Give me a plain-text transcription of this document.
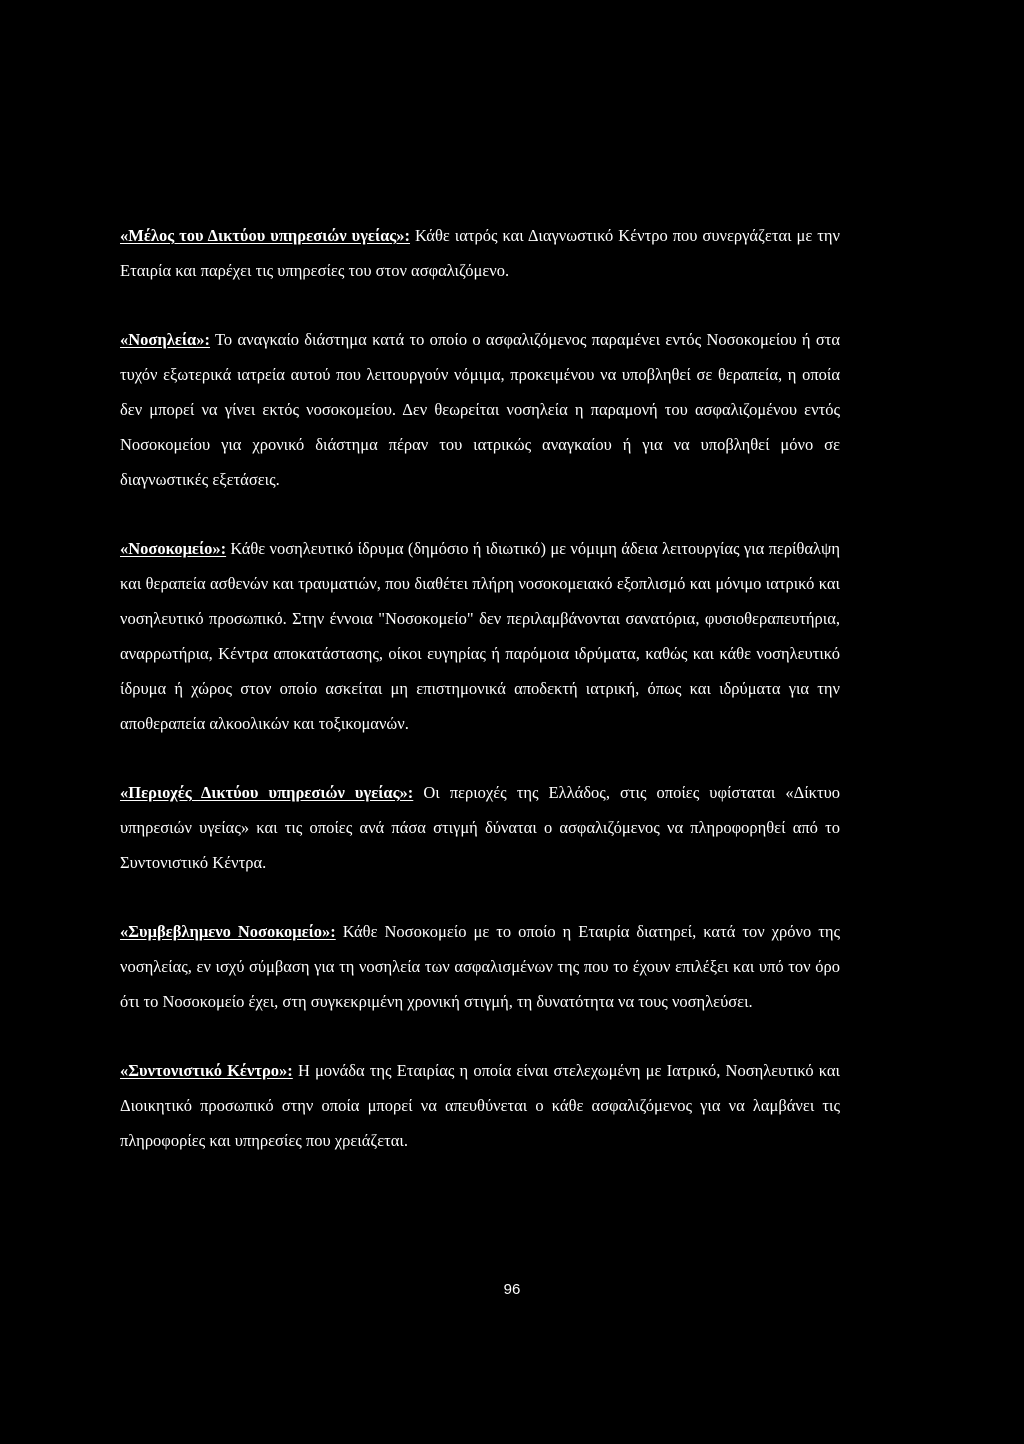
«Μέλος του Δικτύου υπηρεσιών υγείας»: Κάθε ιατρός και Διαγνωστικό Κέντρο που συνεργάζεται με την Εταιρία και παρέχει τις υπηρεσίες του στον ασφαλιζόμενο.

«Νοσηλεία»: Το αναγκαίο διάστημα κατά το οποίο ο ασφαλιζόμενος παραμένει εντός Νοσοκομείου ή στα τυχόν εξωτερικά ιατρεία αυτού που λειτουργούν νόμιμα, προκειμένου να υποβληθεί σε θεραπεία, η οποία δεν μπορεί να γίνει εκτός νοσοκομείου. Δεν θεωρείται νοσηλεία η παραμονή του ασφαλιζομένου εντός Νοσοκομείου για χρονικό διάστημα πέραν του ιατρικώς αναγκαίου ή για να υποβληθεί μόνο σε διαγνωστικές εξετάσεις.

«Νοσοκομείο»: Κάθε νοσηλευτικό ίδρυμα (δημόσιο ή ιδιωτικό) με νόμιμη άδεια λειτουργίας για περίθαλψη και θεραπεία ασθενών και τραυματιών, που διαθέτει πλήρη νοσοκομειακό εξοπλισμό και μόνιμο ιατρικό και νοσηλευτικό προσωπικό. Στην έννοια "Νοσοκομείο" δεν περιλαμβάνονται σανατόρια, φυσιοθεραπευτήρια, αναρρωτήρια, Κέντρα αποκατάστασης, οίκοι ευγηρίας ή παρόμοια ιδρύματα, καθώς και κάθε νοσηλευτικό ίδρυμα ή χώρος στον οποίο ασκείται μη επιστημονικά αποδεκτή ιατρική, όπως και ιδρύματα για την αποθεραπεία αλκοολικών και τοξικομανών.

«Περιοχές Δικτύου υπηρεσιών υγείας»: Οι περιοχές της Ελλάδος, στις οποίες υφίσταται «Δίκτυο υπηρεσιών υγείας» και τις οποίες ανά πάσα στιγμή δύναται ο ασφαλιζόμενος να πληροφορηθεί από το Συντονιστικό Κέντρα.

«Συμβεβλημενο Νοσοκομείο»: Κάθε Νοσοκομείο με το οποίο η Εταιρία διατηρεί, κατά τον χρόνο της νοσηλείας, εν ισχύ σύμβαση για τη νοσηλεία των ασφαλισμένων της που το έχουν επιλέξει και υπό τον όρο ότι το Νοσοκομείο έχει, στη συγκεκριμένη χρονική στιγμή, τη δυνατότητα να τους νοσηλεύσει.

«Συντονιστικό Κέντρο»: Η μονάδα της Εταιρίας η οποία είναι στελεχωμένη με Ιατρικό, Νοσηλευτικό και Διοικητικό προσωπικό στην οποία μπορεί να απευθύνεται ο κάθε ασφαλιζόμενος για να λαμβάνει τις πληροφορίες και υπηρεσίες που χρειάζεται.

96
